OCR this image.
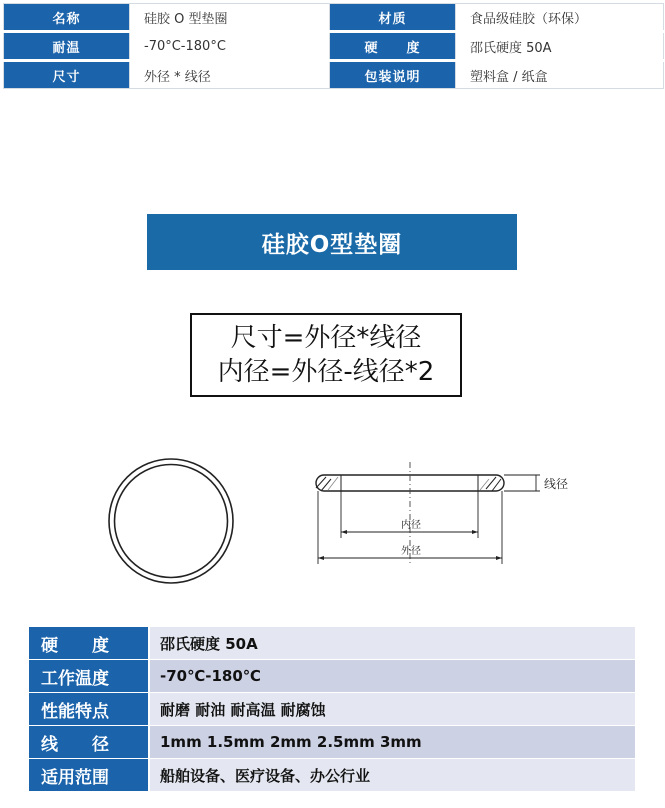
名称	硅胶 O 型垫圈	材质	食品级硅胶（环保）
耐温	-70°C-180°C	硬　　度	邵氏硬度 50A
尺寸	外径 * 线径	包装说明	塑料盒 / 纸盒
硅胶O型垫圈
尺寸=外径*线径
内径=外径-线径*2
线径
内径
外径
硬　　度	邵氏硬度 50A
工作温度	-70℃-180℃
性能特点	耐磨 耐油 耐高温 耐腐蚀
线　　径	1mm 1.5mm 2mm 2.5mm 3mm
适用范围	船舶设备、医疗设备、办公行业
